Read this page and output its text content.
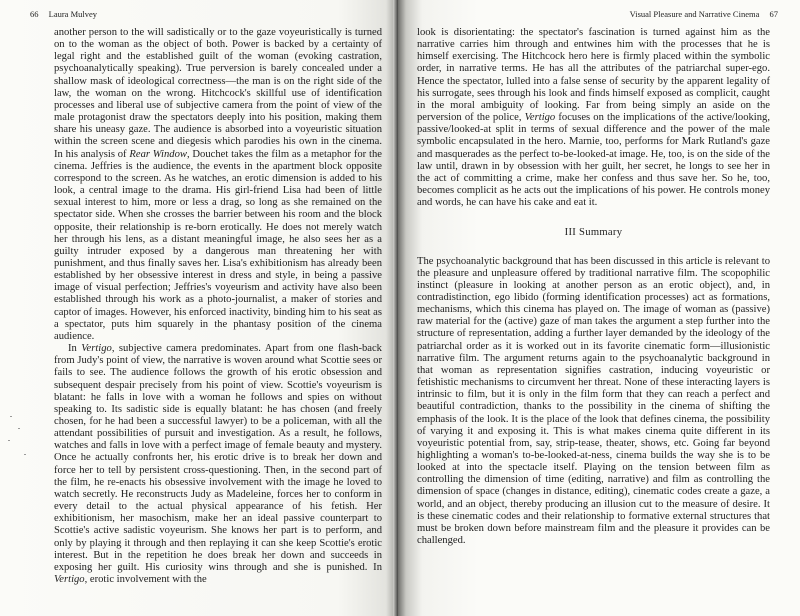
66 Laura Mulvey

another person to the will sadistically or to the gaze voyeuristically is turned on to the woman as the object of both. Power is backed by a certainty of legal right and the established guilt of the woman (evoking castration, psychoanalytically speaking). True perversion is barely concealed under a shallow mask of ideological correctness—the man is on the right side of the law, the woman on the wrong. Hitchcock's skillful use of identification processes and liberal use of subjective camera from the point of view of the male protagonist draw the spectators deeply into his position, making them share his uneasy gaze. The audience is absorbed into a voyeuristic situation within the screen scene and diegesis which parodies his own in the cinema. In his analysis of Rear Window, Douchet takes the film as a metaphor for the cinema. Jeffries is the audience, the events in the apartment block opposite correspond to the screen. As he watches, an erotic dimension is added to his look, a central image to the drama. His girl-friend Lisa had been of little sexual interest to him, more or less a drag, so long as she remained on the spectator side. When she crosses the barrier between his room and the block opposite, their relationship is re-born erotically. He does not merely watch her through his lens, as a distant meaningful image, he also sees her as a guilty intruder exposed by a dangerous man threatening her with punishment, and thus finally saves her. Lisa's exhibitionism has already been established by her obsessive interest in dress and style, in being a passive image of visual perfection; Jeffries's voyeurism and activity have also been established through his work as a photo-journalist, a maker of stories and captor of images. However, his enforced inactivity, binding him to his seat as a spectator, puts him squarely in the phantasy position of the cinema audience.

In Vertigo, subjective camera predominates. Apart from one flash-back from Judy's point of view, the narrative is woven around what Scottie sees or fails to see. The audience follows the growth of his erotic obsession and subsequent despair precisely from his point of view. Scottie's voyeurism is blatant: he falls in love with a woman he follows and spies on without speaking to. Its sadistic side is equally blatant: he has chosen (and freely chosen, for he had been a successful lawyer) to be a policeman, with all the attendant possibilities of pursuit and investigation. As a result, he follows, watches and falls in love with a perfect image of female beauty and mystery. Once he actually confronts her, his erotic drive is to break her down and force her to tell by persistent cross-questioning. Then, in the second part of the film, he re-enacts his obsessive involvement with the image he loved to watch secretly. He reconstructs Judy as Madeleine, forces her to conform in every detail to the actual physical appearance of his fetish. Her exhibitionism, her masochism, make her an ideal passive counterpart to Scottie's active sadistic voyeurism. She knows her part is to perform, and only by playing it through and then replaying it can she keep Scottie's erotic interest. But in the repetition he does break her down and succeeds in exposing her guilt. His curiosity wins through and she is punished. In Vertigo, erotic involvement with the

Visual Pleasure and Narrative Cinema 67

look is disorientating: the spectator's fascination is turned against him as the narrative carries him through and entwines him with the processes that he is himself exercising. The Hitchcock hero here is firmly placed within the symbolic order, in narrative terms. He has all the attributes of the patriarchal super-ego. Hence the spectator, lulled into a false sense of security by the apparent legality of his surrogate, sees through his look and finds himself exposed as complicit, caught in the moral ambiguity of looking. Far from being simply an aside on the perversion of the police, Vertigo focuses on the implications of the active/looking, passive/looked-at split in terms of sexual difference and the power of the male symbolic encapsulated in the hero. Marnie, too, performs for Mark Rutland's gaze and masquerades as the perfect to-be-looked-at image. He, too, is on the side of the law until, drawn in by obsession with her guilt, her secret, he longs to see her in the act of committing a crime, make her confess and thus save her. So he, too, becomes complicit as he acts out the implications of his power. He controls money and words, he can have his cake and eat it.

III Summary

The psychoanalytic background that has been discussed in this article is relevant to the pleasure and unpleasure offered by traditional narrative film. The scopophilic instinct (pleasure in looking at another person as an erotic object), and, in contradistinction, ego libido (forming identification processes) act as formations, mechanisms, which this cinema has played on. The image of woman as (passive) raw material for the (active) gaze of man takes the argument a step further into the structure of representation, adding a further layer demanded by the ideology of the patriarchal order as it is worked out in its favorite cinematic form—illusionistic narrative film. The argument returns again to the psychoanalytic background in that woman as representation signifies castration, inducing voyeuristic or fetishistic mechanisms to circumvent her threat. None of these interacting layers is intrinsic to film, but it is only in the film form that they can reach a perfect and beautiful contradiction, thanks to the possibility in the cinema of shifting the emphasis of the look. It is the place of the look that defines cinema, the possibility of varying it and exposing it. This is what makes cinema quite different in its voyeuristic potential from, say, strip-tease, theater, shows, etc. Going far beyond highlighting a woman's to-be-looked-at-ness, cinema builds the way she is to be looked at into the spectacle itself. Playing on the tension between film as controlling the dimension of time (editing, narrative) and film as controlling the dimension of space (changes in distance, editing), cinematic codes create a gaze, a world, and an object, thereby producing an illusion cut to the measure of desire. It is these cinematic codes and their relationship to formative external structures that must be broken down before mainstream film and the pleasure it provides can be challenged.
